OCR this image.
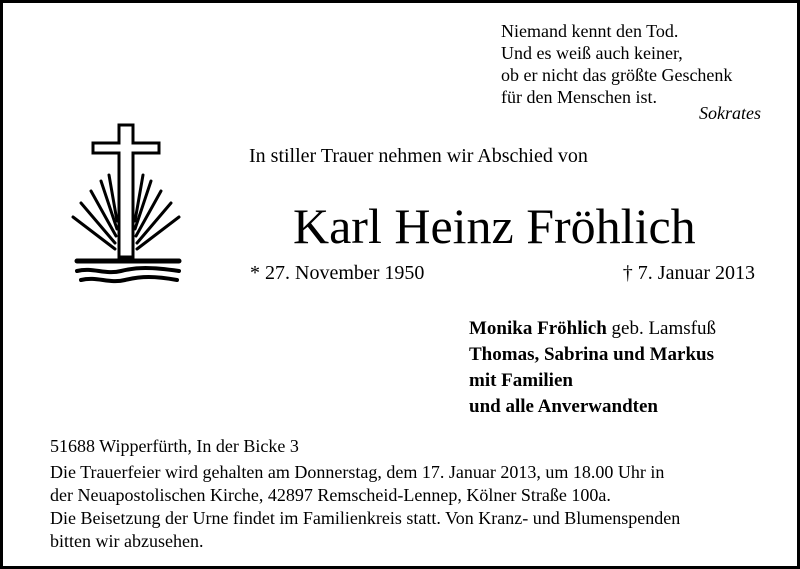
Niemand kennt den Tod.
Und es weiß auch keiner,
ob er nicht das größte Geschenk
für den Menschen ist.
Sokrates
In stiller Trauer nehmen wir Abschied von
Karl Heinz Fröhlich
* 27. November 1950	† 7. Januar 2013
Monika Fröhlich geb. Lamsfuß
Thomas, Sabrina und Markus
mit Familien
und alle Anverwandten
51688 Wipperfürth, In der Bicke 3
Die Trauerfeier wird gehalten am Donnerstag, dem 17. Januar 2013, um 18.00 Uhr in
der Neuapostolischen Kirche, 42897 Remscheid-Lennep, Kölner Straße 100a.
Die Beisetzung der Urne findet im Familienkreis statt. Von Kranz- und Blumenspenden
bitten wir abzusehen.
